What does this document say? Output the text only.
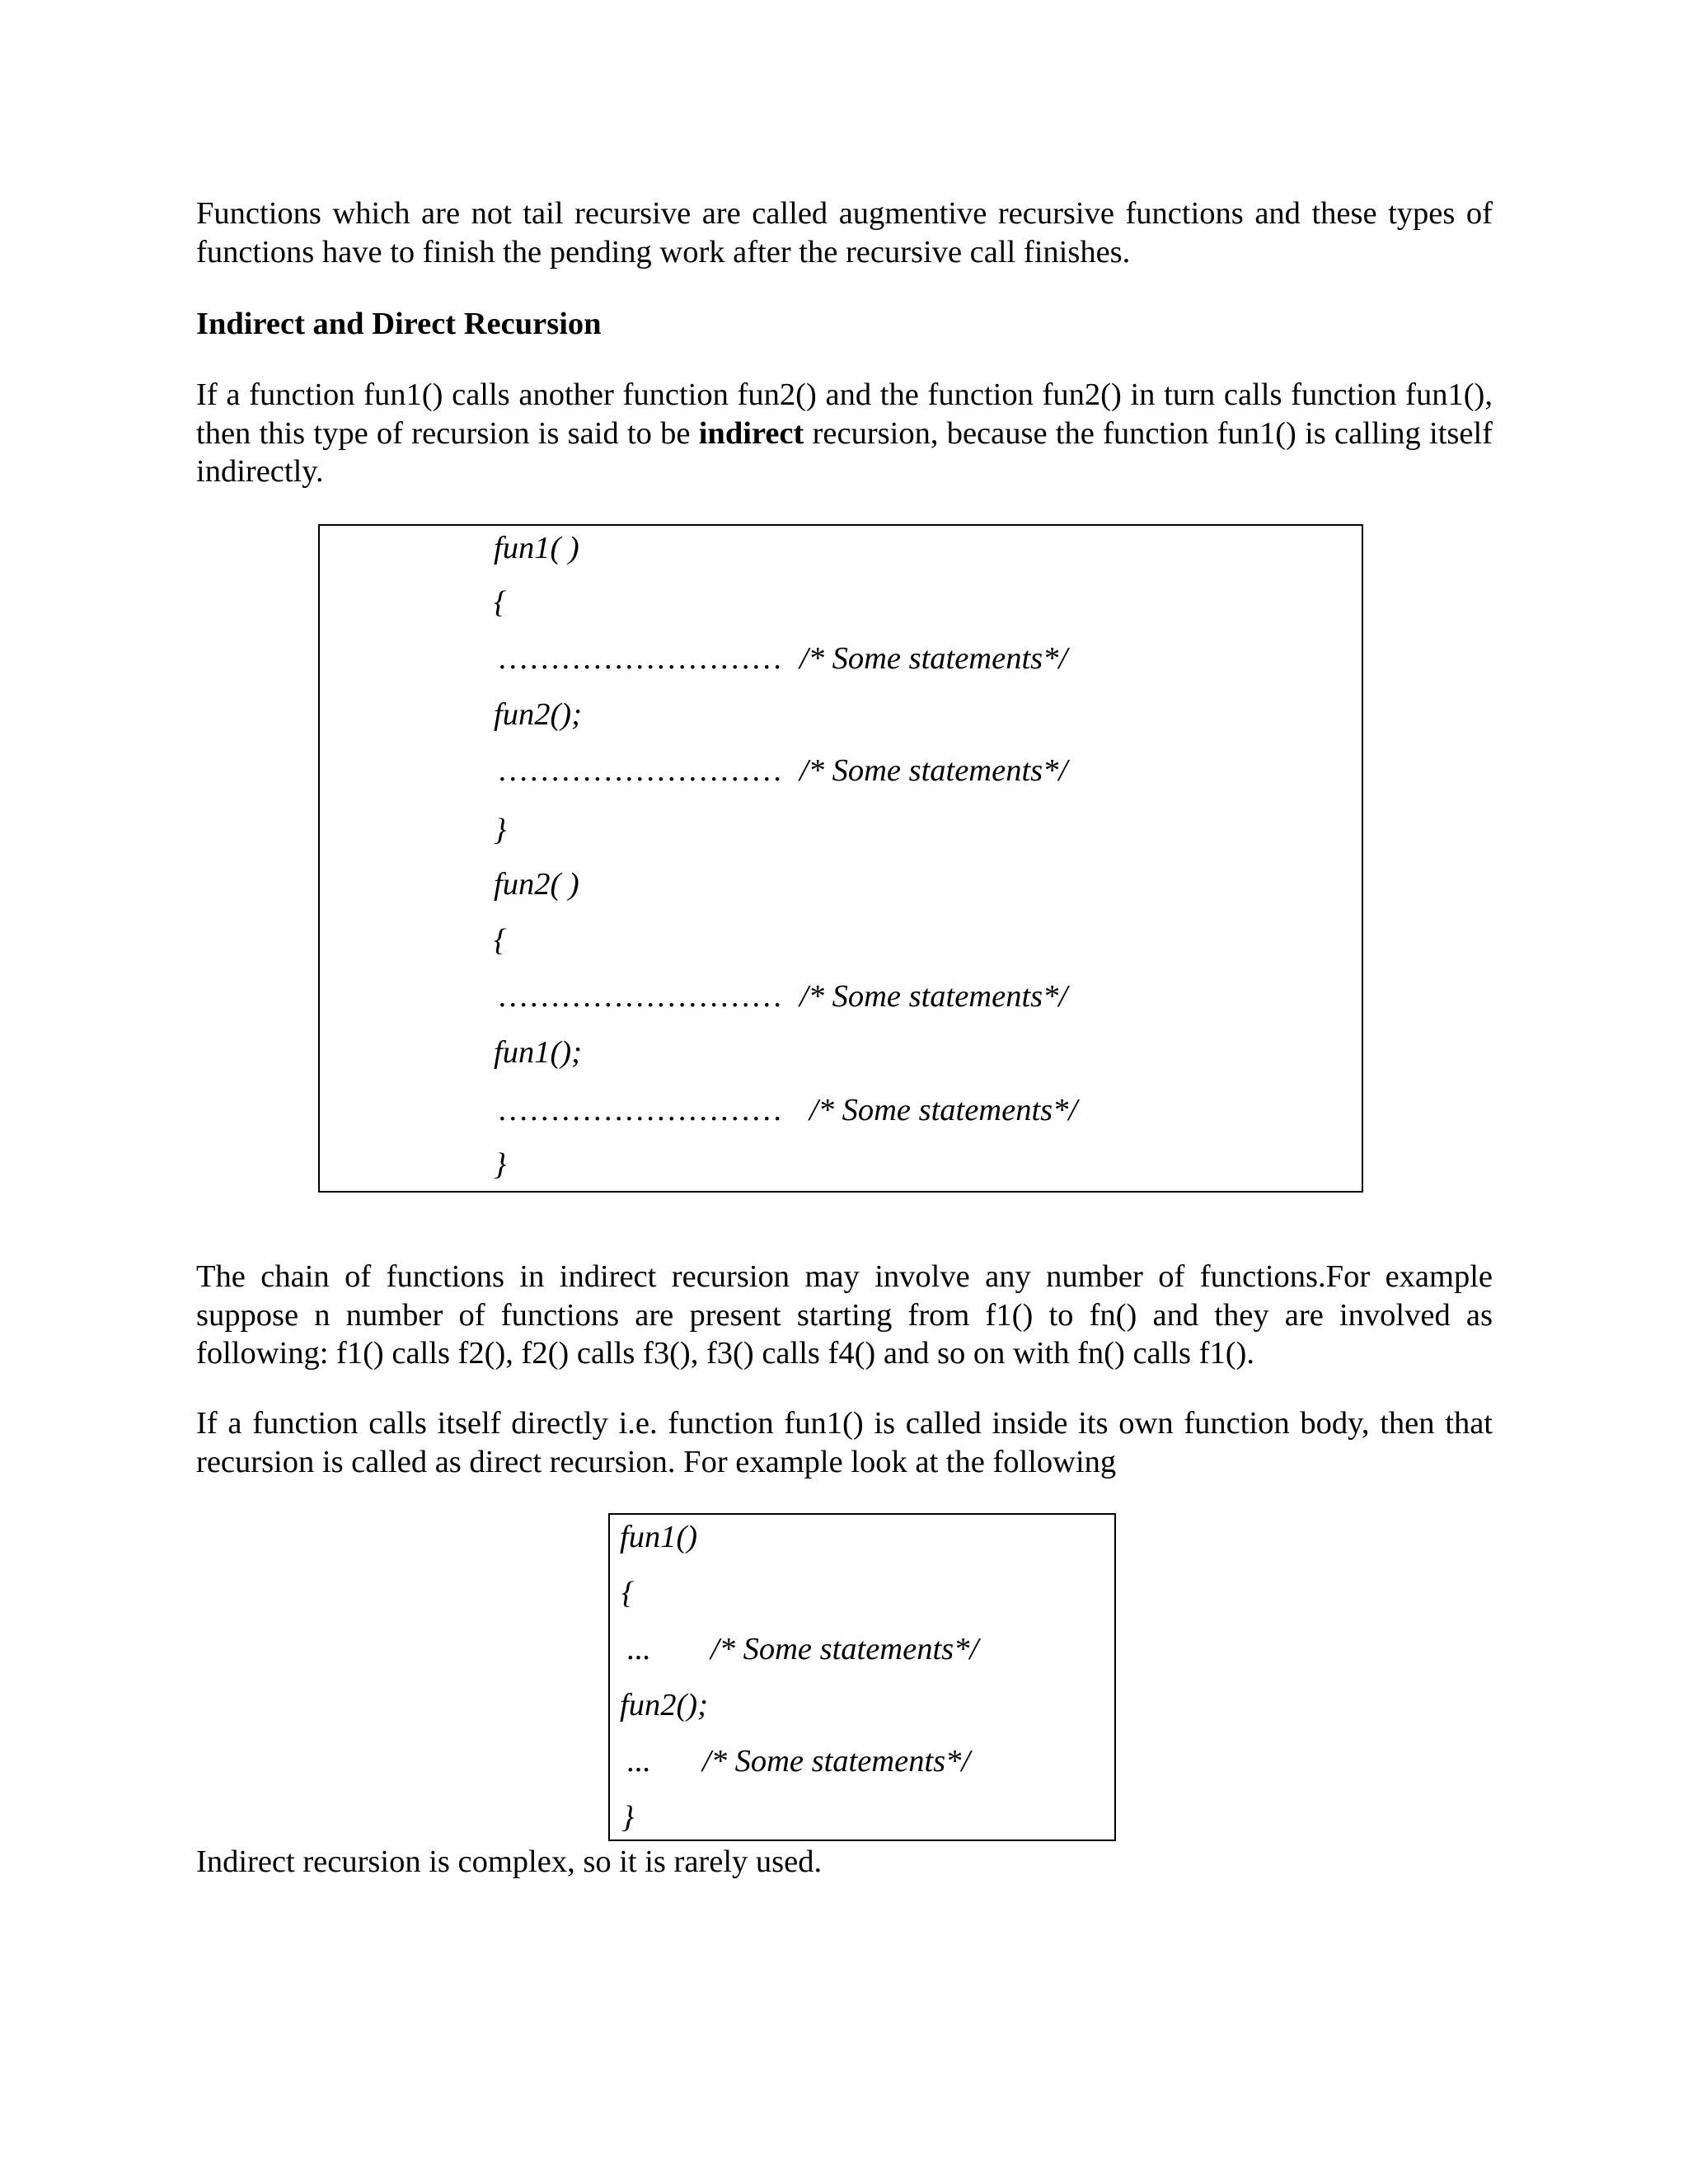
Functions which are not tail recursive are called augmentive recursive functions and these types of functions have to finish the pending work after the recursive call finishes.

Indirect and Direct Recursion

If a function fun1() calls another function fun2() and the function fun2() in turn calls function fun1(), then this type of recursion is said to be indirect recursion, because the function fun1() is calling itself indirectly.

fun1( )
{
……………………… /* Some statements*/
fun2();
……………………… /* Some statements*/
}
fun2( )
{
……………………… /* Some statements*/
fun1();
……………………… /* Some statements*/
}

The chain of functions in indirect recursion may involve any number of functions.For example suppose n number of functions are present starting from f1() to fn() and they are involved as following: f1() calls f2(), f2() calls f3(), f3() calls f4() and so on with fn() calls f1().

If a function calls itself directly i.e. function fun1() is called inside its own function body, then that recursion is called as direct recursion. For example look at the following

fun1()
{
... /* Some statements*/
fun2();
... /* Some statements*/
}

Indirect recursion is complex, so it is rarely used.
